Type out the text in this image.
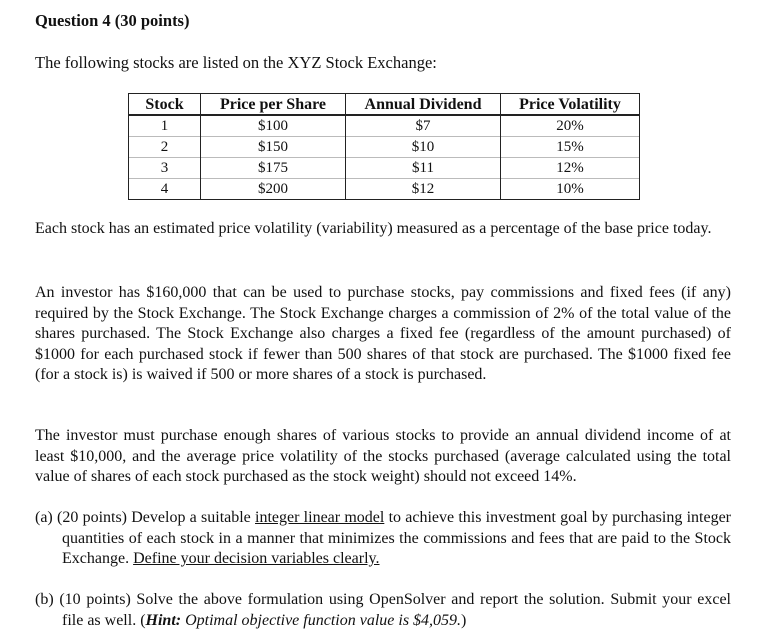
Question 4 (30 points)
The following stocks are listed on the XYZ Stock Exchange:
Stock	Price per Share	Annual Dividend	Price Volatility
1	$100	$7	20%
2	$150	$10	15%
3	$175	$11	12%
4	$200	$12	10%

Each stock has an estimated price volatility (variability) measured as a percentage of the base price today.

An investor has $160,000 that can be used to purchase stocks, pay commissions and fixed fees (if any) required by the Stock Exchange. The Stock Exchange charges a commission of 2% of the total value of the shares purchased. The Stock Exchange also charges a fixed fee (regardless of the amount purchased) of $1000 for each purchased stock if fewer than 500 shares of that stock are purchased. The $1000 fixed fee (for a stock is) is waived if 500 or more shares of a stock is purchased.

The investor must purchase enough shares of various stocks to provide an annual dividend income of at least $10,000, and the average price volatility of the stocks purchased (average calculated using the total value of shares of each stock purchased as the stock weight) should not exceed 14%.

(a) (20 points) Develop a suitable integer linear model to achieve this investment goal by purchasing integer quantities of each stock in a manner that minimizes the commissions and fees that are paid to the Stock Exchange. Define your decision variables clearly.

(b) (10 points) Solve the above formulation using OpenSolver and report the solution. Submit your excel file as well. (Hint: Optimal objective function value is $4,059.)
